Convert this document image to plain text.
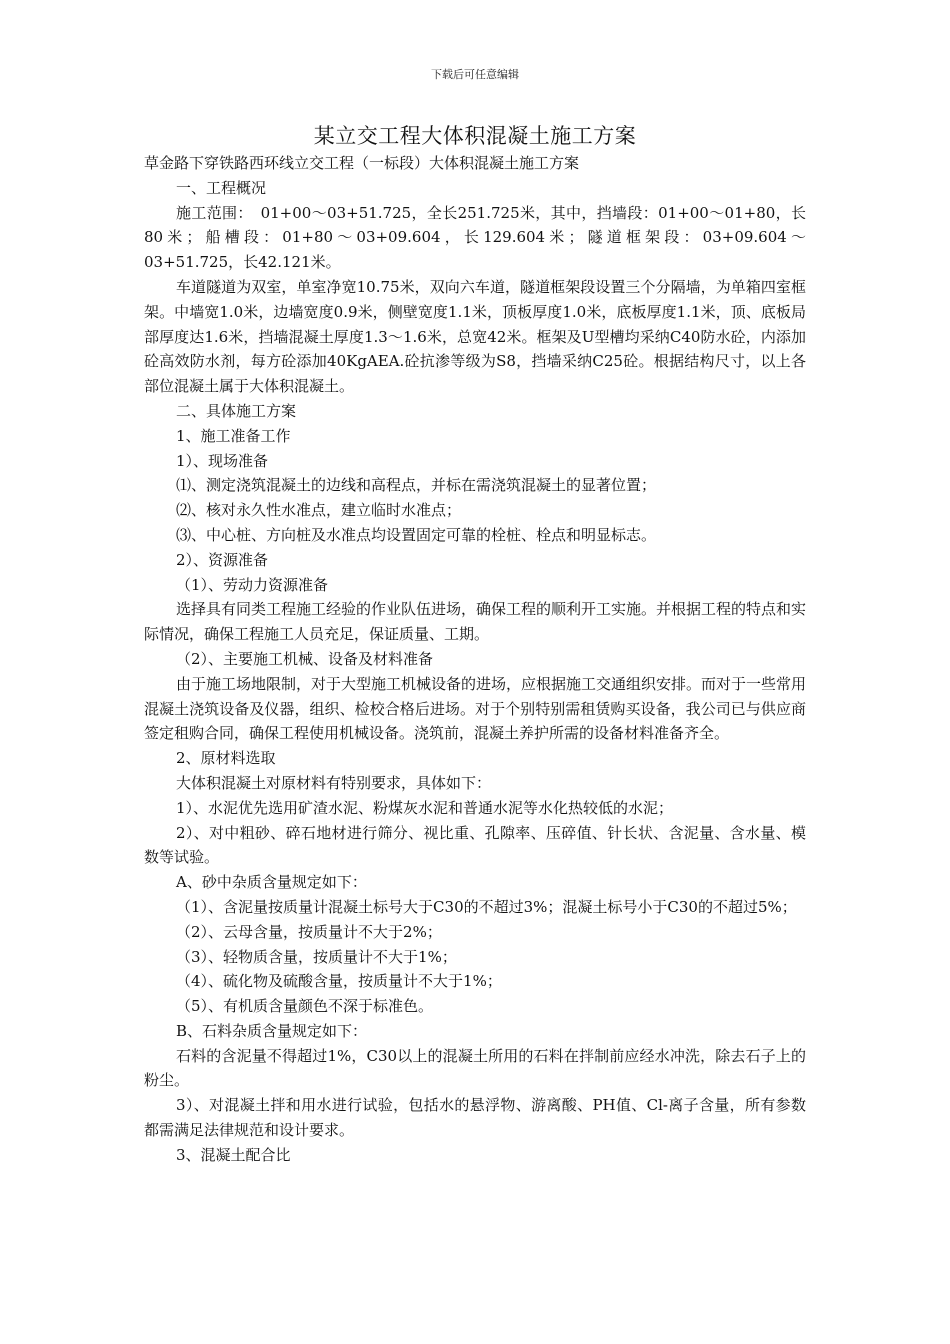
下载后可任意编辑
某立交工程大体积混凝土施工方案

草金路下穿铁路西环线立交工程（一标段）大体积混凝土施工方案

一、工程概况

施工范围：　01+00～03+51.725，全长251.725米，其中，挡墙段：01+00～01+80，长80米；船槽段：01+80～03+09.604，长129.604米；隧道框架段：03+09.604～03+51.725，长42.121米。

车道隧道为双室，单室净宽10.75米，双向六车道，隧道框架段设置三个分隔墙，为单箱四室框架。中墙宽1.0米，边墙宽度0.9米，侧壁宽度1.1米，顶板厚度1.0米，底板厚度1.1米，顶、底板局部厚度达1.6米，挡墙混凝土厚度1.3～1.6米，总宽42米。框架及U型槽均采纳C40防水砼，内添加砼高效防水剂，每方砼添加40KgAEA.砼抗渗等级为S8，挡墙采纳C25砼。根据结构尺寸，以上各部位混凝土属于大体积混凝土。

二、具体施工方案

1、施工准备工作

1）、现场准备

⑴、测定浇筑混凝土的边线和高程点，并标在需浇筑混凝土的显著位置；

⑵、核对永久性水准点，建立临时水准点；

⑶、中心桩、方向桩及水准点均设置固定可靠的栓桩、栓点和明显标志。

2）、资源准备

（1）、劳动力资源准备

选择具有同类工程施工经验的作业队伍进场，确保工程的顺利开工实施。并根据工程的特点和实际情况，确保工程施工人员充足，保证质量、工期。

（2）、主要施工机械、设备及材料准备

由于施工场地限制，对于大型施工机械设备的进场，应根据施工交通组织安排。而对于一些常用混凝土浇筑设备及仪器，组织、检校合格后进场。对于个别特别需租赁购买设备，我公司已与供应商签定租购合同，确保工程使用机械设备。浇筑前，混凝土养护所需的设备材料准备齐全。

2、原材料选取

大体积混凝土对原材料有特别要求，具体如下：

1）、水泥优先选用矿渣水泥、粉煤灰水泥和普通水泥等水化热较低的水泥；

2）、对中粗砂、碎石地材进行筛分、视比重、孔隙率、压碎值、针长状、含泥量、含水量、模数等试验。

A、砂中杂质含量规定如下：

（1）、含泥量按质量计混凝土标号大于C30的不超过3%；混凝土标号小于C30的不超过5%；

（2）、云母含量，按质量计不大于2%；

（3）、轻物质含量，按质量计不大于1%；

（4）、硫化物及硫酸含量，按质量计不大于1%；

（5）、有机质含量颜色不深于标准色。

B、石料杂质含量规定如下：

石料的含泥量不得超过1%，C30以上的混凝土所用的石料在拌制前应经水冲洗，除去石子上的粉尘。

3）、对混凝土拌和用水进行试验，包括水的悬浮物、游离酸、PH值、Cl-离子含量，所有参数都需满足法律规范和设计要求。

3、混凝土配合比
